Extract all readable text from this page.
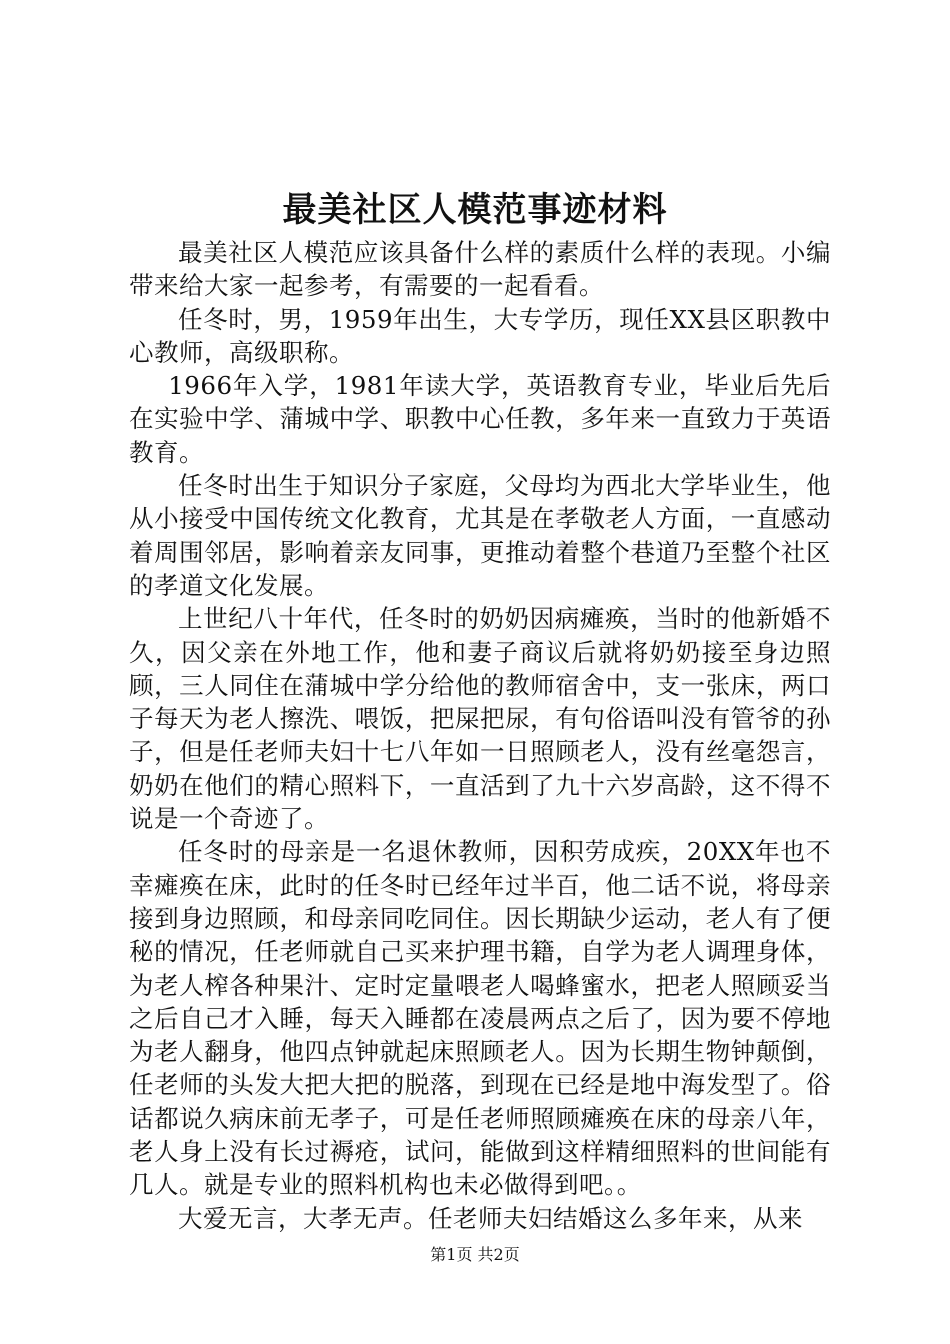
最美社区人模范事迹材料

最美社区人模范应该具备什么样的素质什么样的表现。小编带来给大家一起参考，有需要的一起看看。

任冬时，男，1959年出生，大专学历，现任XX县区职教中心教师，高级职称。

1966年入学，1981年读大学，英语教育专业，毕业后先后在实验中学、蒲城中学、职教中心任教，多年来一直致力于英语教育。

任冬时出生于知识分子家庭，父母均为西北大学毕业生，他从小接受中国传统文化教育，尤其是在孝敬老人方面，一直感动着周围邻居，影响着亲友同事，更推动着整个巷道乃至整个社区的孝道文化发展。

上世纪八十年代，任冬时的奶奶因病瘫痪，当时的他新婚不久，因父亲在外地工作，他和妻子商议后就将奶奶接至身边照顾，三人同住在蒲城中学分给他的教师宿舍中，支一张床，两口子每天为老人擦洗、喂饭，把屎把尿，有句俗语叫没有管爷的孙子，但是任老师夫妇十七八年如一日照顾老人，没有丝毫怨言，奶奶在他们的精心照料下，一直活到了九十六岁高龄，这不得不说是一个奇迹了。

任冬时的母亲是一名退休教师，因积劳成疾，20XX年也不幸瘫痪在床，此时的任冬时已经年过半百，他二话不说，将母亲接到身边照顾，和母亲同吃同住。因长期缺少运动，老人有了便秘的情况，任老师就自己买来护理书籍，自学为老人调理身体，为老人榨各种果汁、定时定量喂老人喝蜂蜜水，把老人照顾妥当之后自己才入睡，每天入睡都在凌晨两点之后了，因为要不停地为老人翻身，他四点钟就起床照顾老人。因为长期生物钟颠倒，任老师的头发大把大把的脱落，到现在已经是地中海发型了。俗话都说久病床前无孝子，可是任老师照顾瘫痪在床的母亲八年，老人身上没有长过褥疮，试问，能做到这样精细照料的世间能有几人。就是专业的照料机构也未必做得到吧。。

大爱无言，大孝无声。任老师夫妇结婚这么多年来，从来

第1页 共2页
